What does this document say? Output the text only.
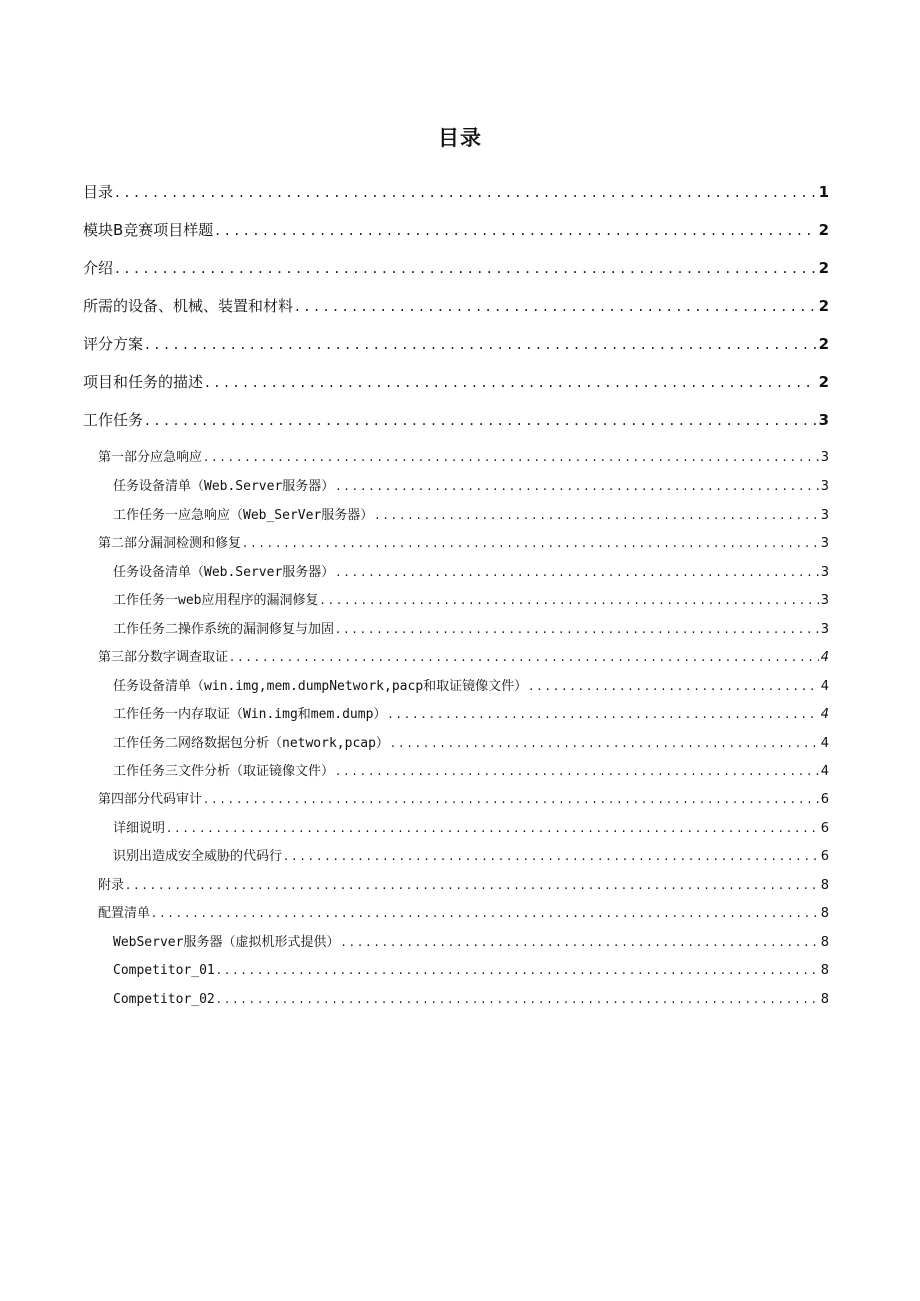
目录
目录 . . .	1
模块B竞赛项目样题 . . .	2
介绍 . . .	2
所需的设备、机械、装置和材料 . . .	2
评分方案 . . .	2
项目和任务的描述 . . .	2
工作任务 . . .	3
第一部分应急响应 . . .	3
任务设备清单（Web.Server服务器） . . .	3
工作任务一应急响应（Web_SerVer服务器） . . .	3
第二部分漏洞检测和修复 . . .	3
任务设备清单（Web.Server服务器） . . .	3
工作任务一web应用程序的漏洞修复 . . .	3
工作任务二操作系统的漏洞修复与加固 . . .	3
第三部分数字调查取证 . . .	4
任务设备清单（win.img,mem.dumpNetwork,pacp和取证镜像文件） . . .	4
工作任务一内存取证（Win.img和mem.dump） . . .	4
工作任务二网络数据包分析（network,pcap） . . .	4
工作任务三文件分析（取证镜像文件） . . .	4
第四部分代码审计 . . .	6
详细说明 . . .	6
识别出造成安全威胁的代码行 . . .	6
附录 . . .	8
配置清单 . . .	8
WebServer服务器（虚拟机形式提供） . . .	8
Competitor_01 . . .	8
Competitor_02 . . .	8
